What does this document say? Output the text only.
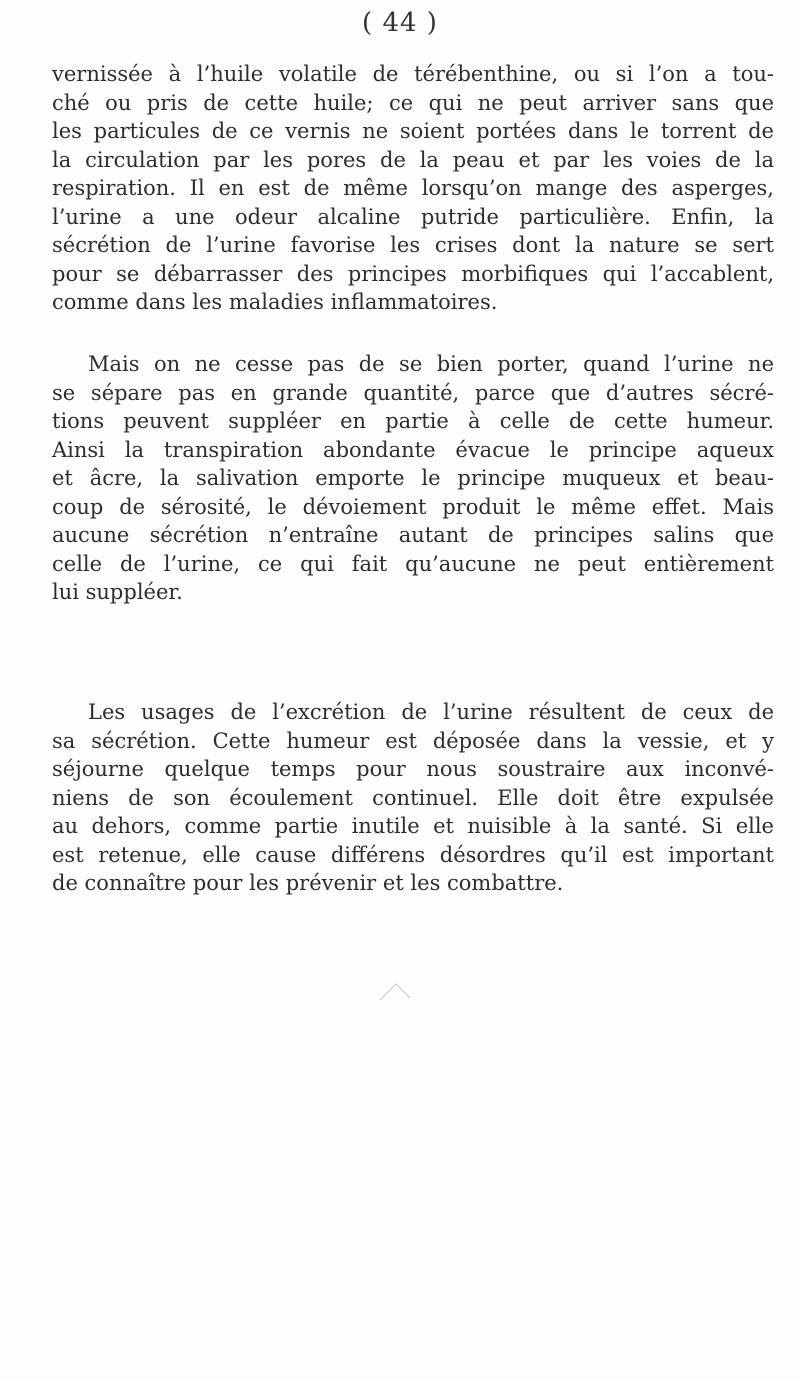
( 44 )
vernissée à l’huile volatile de térébenthine, ou si l’on a tou-
ché ou pris de cette huile; ce qui ne peut arriver sans que
les particules de ce vernis ne soient portées dans le torrent de
la circulation par les pores de la peau et par les voies de la
respiration. Il en est de même lorsqu’on mange des asperges,
l’urine a une odeur alcaline putride particulière. Enfin, la
sécrétion de l’urine favorise les crises dont la nature se sert
pour se débarrasser des principes morbifiques qui l’accablent,
comme dans les maladies inflammatoires.
Mais on ne cesse pas de se bien porter, quand l’urine ne
se sépare pas en grande quantité, parce que d’autres sécré-
tions peuvent suppléer en partie à celle de cette humeur.
Ainsi la transpiration abondante évacue le principe aqueux
et âcre, la salivation emporte le principe muqueux et beau-
coup de sérosité, le dévoiement produit le même effet. Mais
aucune sécrétion n’entraîne autant de principes salins que
celle de l’urine, ce qui fait qu’aucune ne peut entièrement
lui suppléer.
Les usages de l’excrétion de l’urine résultent de ceux de
sa sécrétion. Cette humeur est déposée dans la vessie, et y
séjourne quelque temps pour nous soustraire aux inconvé-
niens de son écoulement continuel. Elle doit être expulsée
au dehors, comme partie inutile et nuisible à la santé. Si elle
est retenue, elle cause différens désordres qu’il est important
de connaître pour les prévenir et les combattre.
